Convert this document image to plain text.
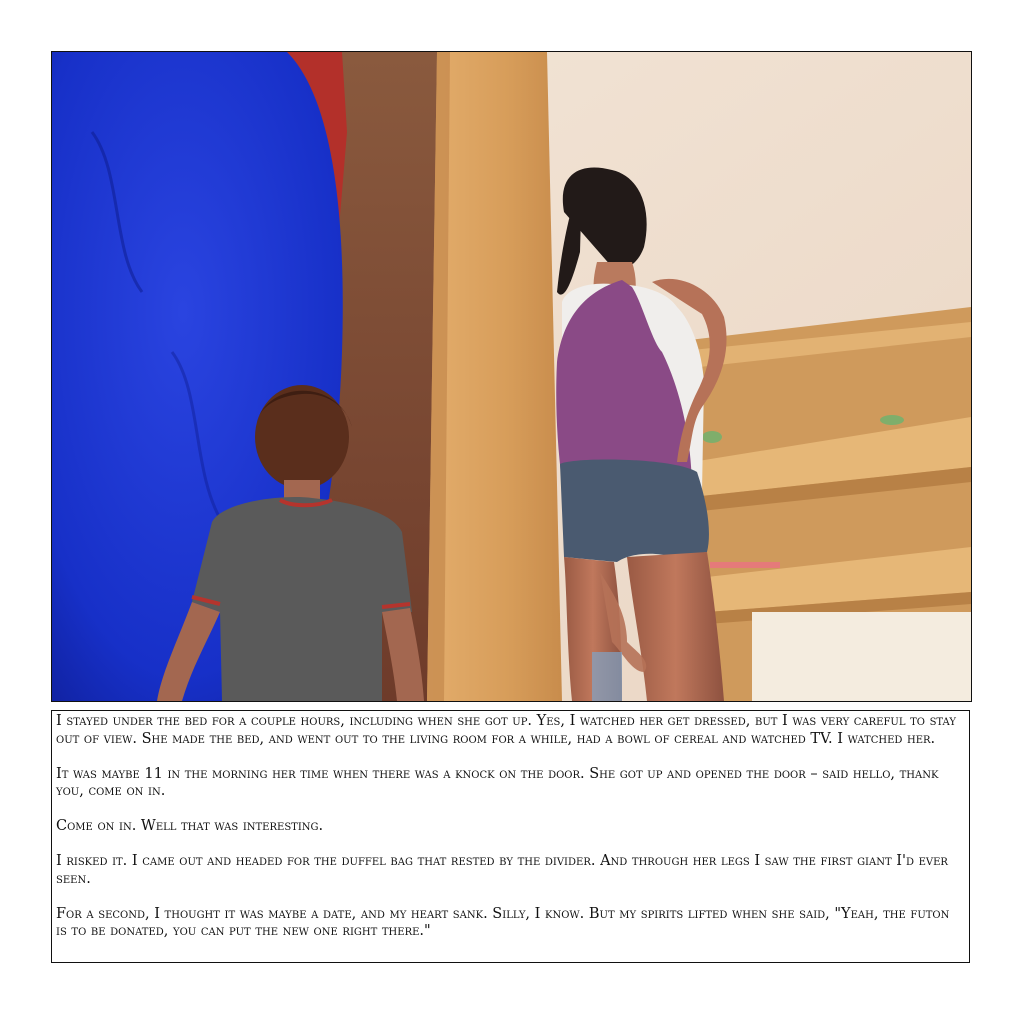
I stayed under the bed for a couple hours, including when she got up. Yes, I watched her get dressed, but I was very careful to stay out of view. She made the bed, and went out to the living room for a while, had a bowl of cereal and watched TV. I watched her.

It was maybe 11 in the morning her time when there was a knock on the door. She got up and opened the door – said hello, thank you, come on in.

Come on in. Well that was interesting.

I risked it. I came out and headed for the duffel bag that rested by the divider. And through her legs I saw the first giant I'd ever seen.

For a second, I thought it was maybe a date, and my heart sank. Silly, I know. But my spirits lifted when she said, "Yeah, the futon is to be donated, you can put the new one right there."
